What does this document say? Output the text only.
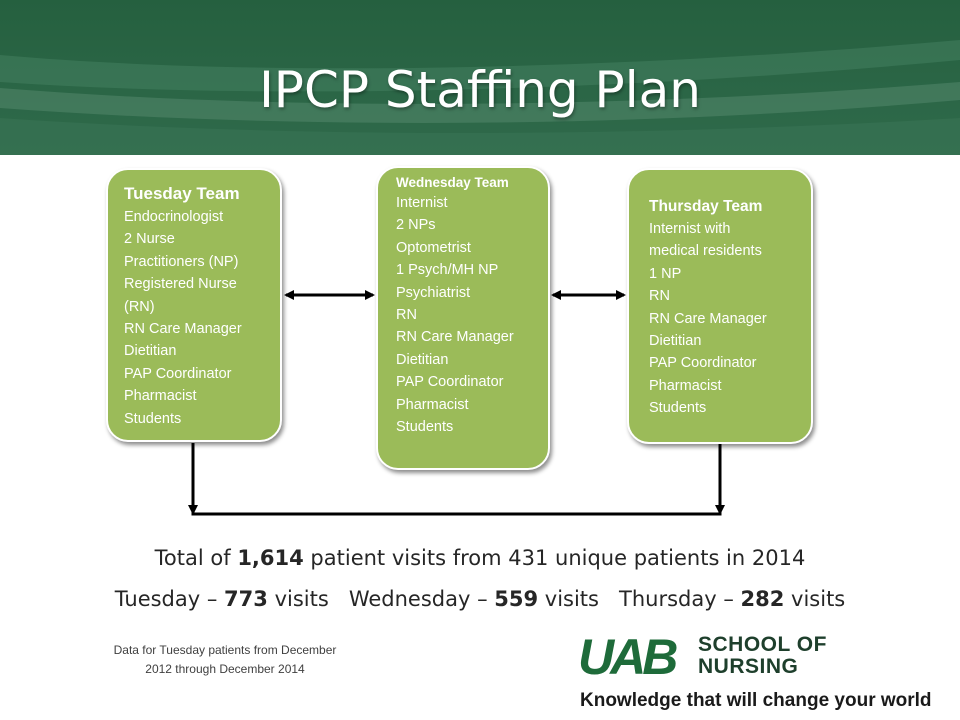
IPCP Staffing Plan
Tuesday Team
Endocrinologist
2 Nurse
Practitioners (NP)
Registered Nurse
(RN)
RN Care Manager
Dietitian
PAP Coordinator
Pharmacist
Students
Wednesday Team
Internist
2 NPs
Optometrist
1 Psych/MH NP
Psychiatrist
RN
RN Care Manager
Dietitian
PAP Coordinator
Pharmacist
Students
Thursday Team
Internist with
medical residents
1 NP
RN
RN Care Manager
Dietitian
PAP Coordinator
Pharmacist
Students
Total of 1,614 patient visits from 431 unique patients in 2014
Tuesday – 773 visits   Wednesday – 559 visits   Thursday – 282 visits
Data for Tuesday patients from December
2012 through December 2014	UAB SCHOOL OF
NURSING
Knowledge that will change your world
